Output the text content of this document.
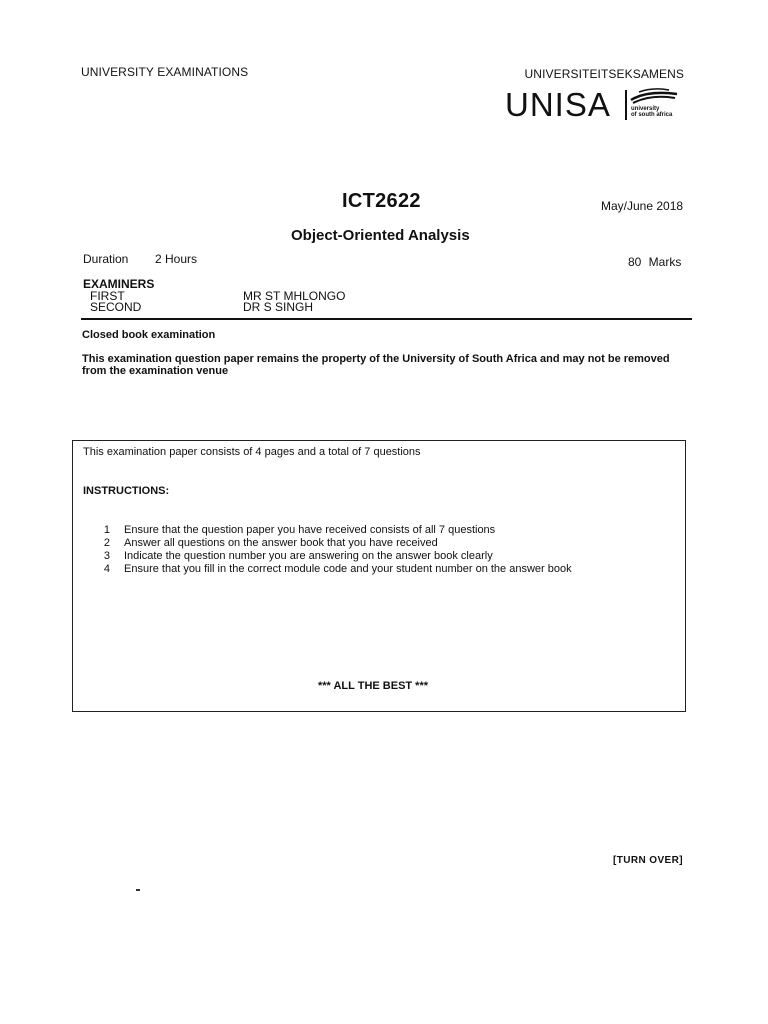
UNIVERSITY EXAMINATIONS	UNIVERSITEITSEKSAMENS
UNISA	university
of south africa
ICT2622	May/June 2018
Object-Oriented Analysis
Duration 2 Hours	80 Marks
EXAMINERS
FIRST	MR ST MHLONGO
SECOND	DR S SINGH
Closed book examination
This examination question paper remains the property of the University of South Africa and may not be removed from the examination venue
This examination paper consists of 4 pages and a total of 7 questions
INSTRUCTIONS:
1 Ensure that the question paper you have received consists of all 7 questions
2 Answer all questions on the answer book that you have received
3 Indicate the question number you are answering on the answer book clearly
4 Ensure that you fill in the correct module code and your student number on the answer book
*** ALL THE BEST ***
[TURN OVER]
